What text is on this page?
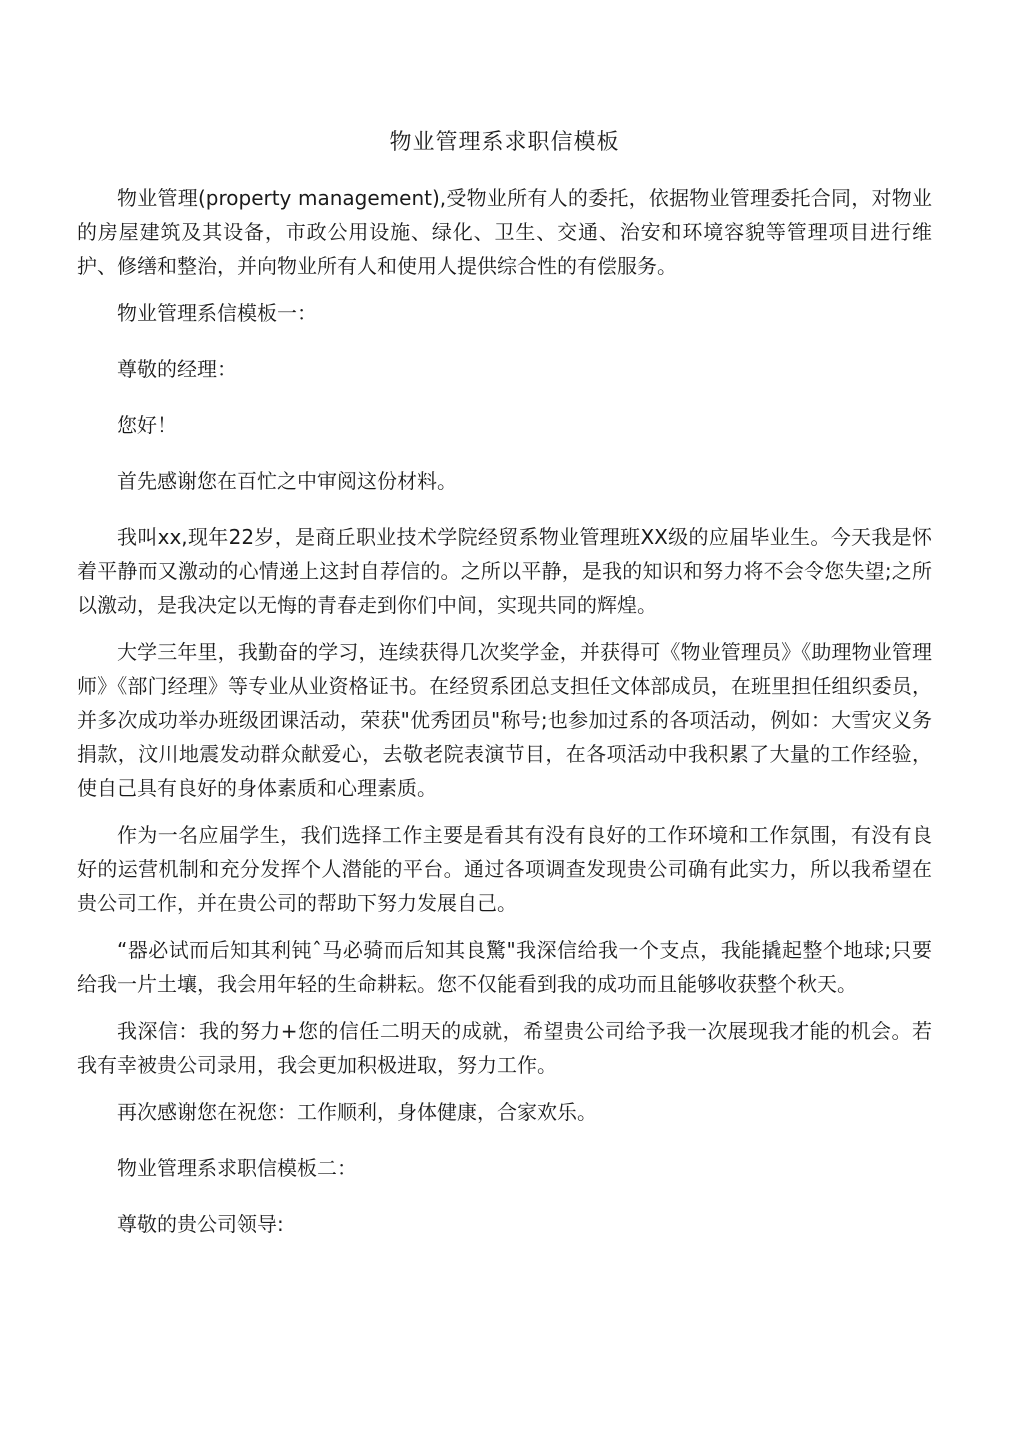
物业管理系求职信模板

物业管理(property management),受物业所有人的委托，依据物业管理委托合同，对物业的房屋建筑及其设备，市政公用设施、绿化、卫生、交通、治安和环境容貌等管理项目进行维护、修缮和整治，并向物业所有人和使用人提供综合性的有偿服务。

物业管理系信模板一：

尊敬的经理：

您好！

首先感谢您在百忙之中审阅这份材料。

我叫xx,现年22岁，是商丘职业技术学院经贸系物业管理班XX级的应届毕业生。今天我是怀着平静而又激动的心情递上这封自荐信的。之所以平静，是我的知识和努力将不会令您失望;之所以激动，是我决定以无悔的青春走到你们中间，实现共同的辉煌。

大学三年里，我勤奋的学习，连续获得几次奖学金，并获得可《物业管理员》《助理物业管理师》《部门经理》等专业从业资格证书。在经贸系团总支担任文体部成员，在班里担任组织委员，并多次成功举办班级团课活动，荣获"优秀团员"称号;也参加过系的各项活动，例如：大雪灾义务捐款，汶川地震发动群众献爱心，去敬老院表演节目，在各项活动中我积累了大量的工作经验，使自己具有良好的身体素质和心理素质。

作为一名应届学生，我们选择工作主要是看其有没有良好的工作环境和工作氛围，有没有良好的运营机制和充分发挥个人潜能的平台。通过各项调查发现贵公司确有此实力，所以我希望在贵公司工作，并在贵公司的帮助下努力发展自己。

“器必试而后知其利钝ˆ马必骑而后知其良驚"我深信给我一个支点，我能撬起整个地球;只要给我一片土壤，我会用年轻的生命耕耘。您不仅能看到我的成功而且能够收获整个秋天。

我深信：我的努力+您的信任二明天的成就，希望贵公司给予我一次展现我才能的机会。若我有幸被贵公司录用，我会更加积极进取，努力工作。

再次感谢您在祝您：工作顺利，身体健康，合家欢乐。

物业管理系求职信模板二：

尊敬的贵公司领导:
